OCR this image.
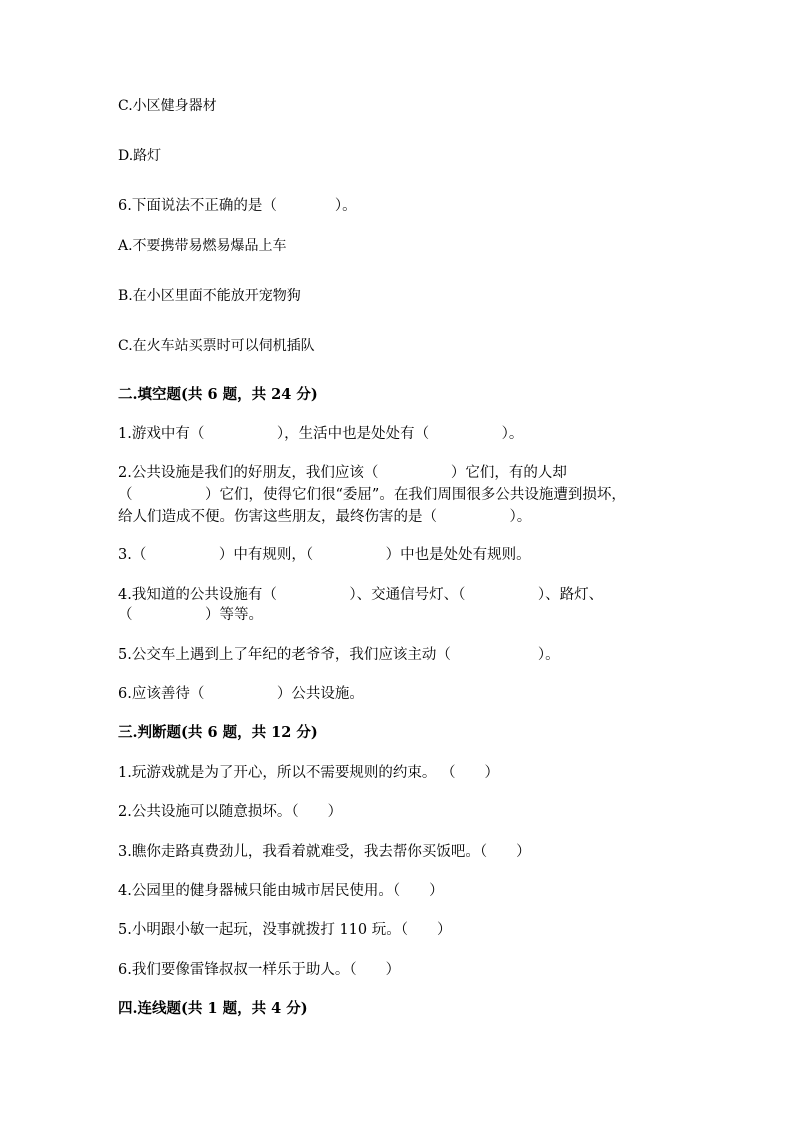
C.小区健身器材
D.路灯
6.下面说法不正确的是（　　　　）。
A.不要携带易燃易爆品上车
B.在小区里面不能放开宠物狗
C.在火车站买票时可以伺机插队
二.填空题(共 6 题，共 24 分)
1.游戏中有（　　　　　），生活中也是处处有（　　　　　）。
2.公共设施是我们的好朋友，我们应该（　　　　　）它们，有的人却
（　　　　　）它们，使得它们很“委屈”。在我们周围很多公共设施遭到损坏，
给人们造成不便。伤害这些朋友，最终伤害的是（　　　　　）。
3.（　　　　　）中有规则，（　　　　　）中也是处处有规则。
4.我知道的公共设施有（　　　　　）、交通信号灯、（　　　　　）、路灯、
（　　　　　）等等。
5.公交车上遇到上了年纪的老爷爷，我们应该主动（　　　　　　）。
6.应该善待（　　　　　）公共设施。
三.判断题(共 6 题，共 12 分)
1.玩游戏就是为了开心，所以不需要规则的约束。 （　　）
2.公共设施可以随意损坏。（　　）
3.瞧你走路真费劲儿，我看着就难受，我去帮你买饭吧。（　　）
4.公园里的健身器械只能由城市居民使用。（　　）
5.小明跟小敏一起玩，没事就拨打 110 玩。（　　）
6.我们要像雷锋叔叔一样乐于助人。（　　）
四.连线题(共 1 题，共 4 分)
